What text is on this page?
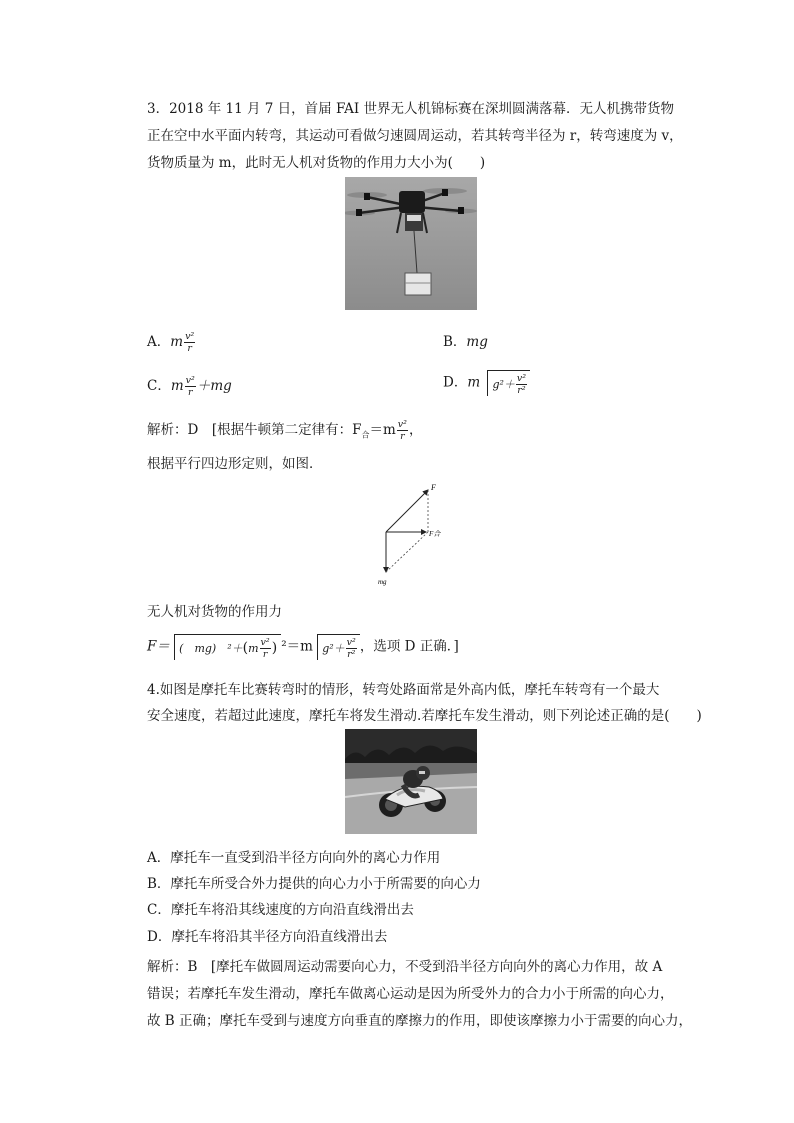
3．2018 年 11 月 7 日，首届 FAI 世界无人机锦标赛在深圳圆满落幕．无人机携带货物
正在空中水平面内转弯，其运动可看做匀速圆周运动，若其转弯半径为 r，转弯速度为 v，
货物质量为 m，此时无人机对货物的作用力大小为(　　)
A．m $\frac{\text{v²}}{r}$	B．mg
C．m $\frac{\text{v²}}{r} +mg$	D．m $g^2+ \frac{\text{v²}}{\text{r²}}$
解析：D　[根据牛顿第二定律有：$F_合=m \frac{\text{v²}}{r}$ ，
根据平行四边形定则，如图．
F
F合
mg
无人机对货物的作用力
F＝ (　mg)　$^2+(m \frac{\text{v²}}{r}$ ) ²＝m $g^2+ \frac{\text{v²}}{\text{r²}}$ ，选项 D 正确．]
4.如图是摩托车比赛转弯时的情形，转弯处路面常是外高内低，摩托车转弯有一个最大
安全速度，若超过此速度，摩托车将发生滑动.若摩托车发生滑动，则下列论述正确的是(　　)
A．摩托车一直受到沿半径方向向外的离心力作用
B．摩托车所受合外力提供的向心力小于所需要的向心力
C．摩托车将沿其线速度的方向沿直线滑出去
D．摩托车将沿其半径方向沿直线滑出去
解析：B　[摩托车做圆周运动需要向心力，不受到沿半径方向向外的离心力作用，故 A
错误；若摩托车发生滑动，摩托车做离心运动是因为所受外力的合力小于所需的向心力，
故 B 正确；摩托车受到与速度方向垂直的摩擦力的作用，即使该摩擦力小于需要的向心力，
